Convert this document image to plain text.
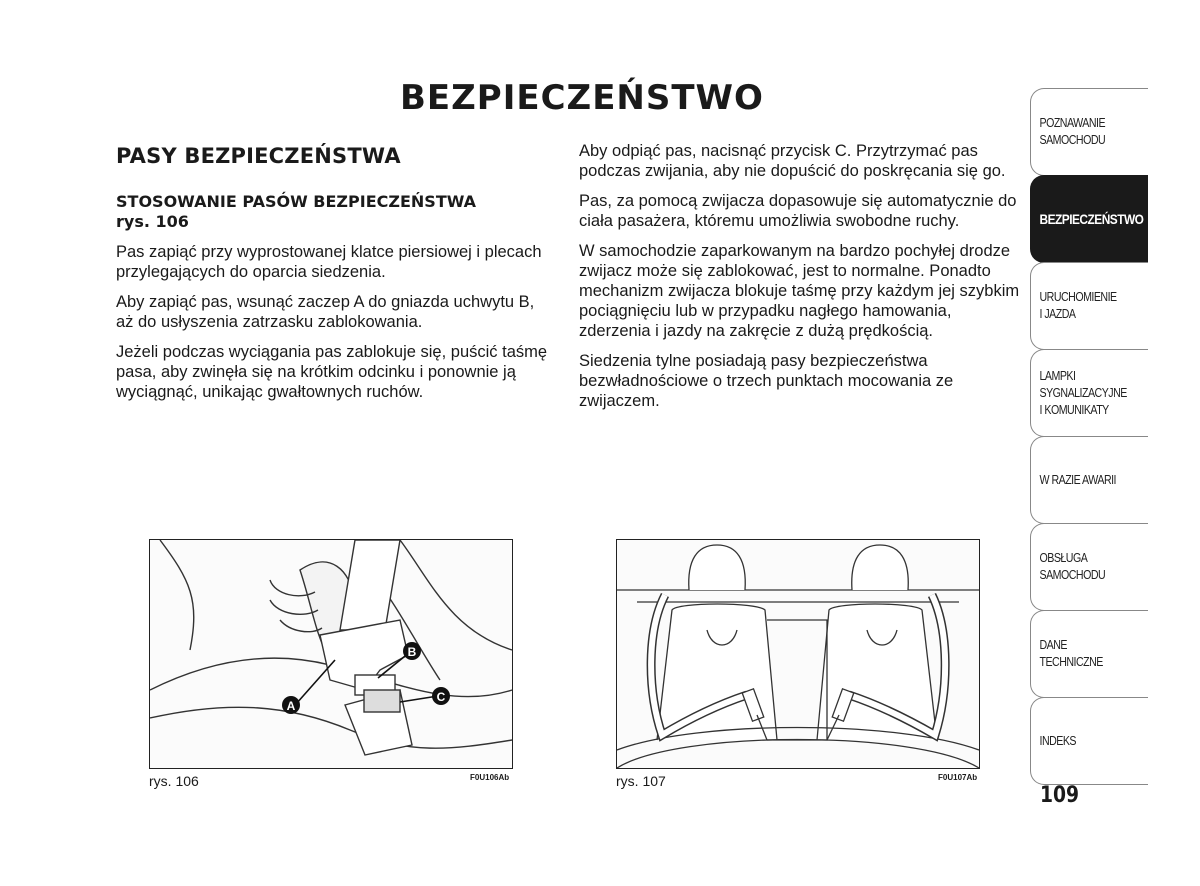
BEZPIECZEŃSTWO
PASY BEZPIECZEŃSTWA
STOSOWANIE PASÓW BEZPIECZEŃSTWA
rys. 106

Pas zapiąć przy wyprostowanej klatce piersiowej i plecach przylegających do oparcia siedzenia.

Aby zapiąć pas, wsunąć zaczep A do gniazda uchwytu B, aż do usłyszenia zatrzasku zablokowania.

Jeżeli podczas wyciągania pas zablokuje się, puścić taśmę pasa, aby zwinęła się na krótkim odcinku i ponownie ją wyciągnąć, unikając gwałtownych ruchów.

Aby odpiąć pas, nacisnąć przycisk C. Przytrzymać pas podczas zwijania, aby nie dopuścić do poskręcania się go.

Pas, za pomocą zwijacza dopasowuje się automatycznie do ciała pasażera, któremu umożliwia swobodne ruchy.

W samochodzie zaparkowanym na bardzo pochyłej drodze zwijacz może się zablokować, jest to normalne. Ponadto mechanizm zwijacza blokuje taśmę przy każdym jej szybkim pociągnięciu lub w przypadku nagłego hamowania, zderzenia i jazdy na zakręcie z dużą prędkością.

Siedzenia tylne posiadają pasy bezpieczeństwa bezwładnościowe o trzech punktach mocowania ze zwijaczem.

A
B
C
rys. 106	F0U106Ab	rys. 107	F0U107Ab
POZNAWANIE
SAMOCHODU
BEZPIECZEŃSTWO
URUCHOMIENIE
I JAZDA
LAMPKI
SYGNALIZACYJNE
I KOMUNIKATY
W RAZIE AWARII
OBSŁUGA
SAMOCHODU
DANE
TECHNICZNE
INDEKS
109
